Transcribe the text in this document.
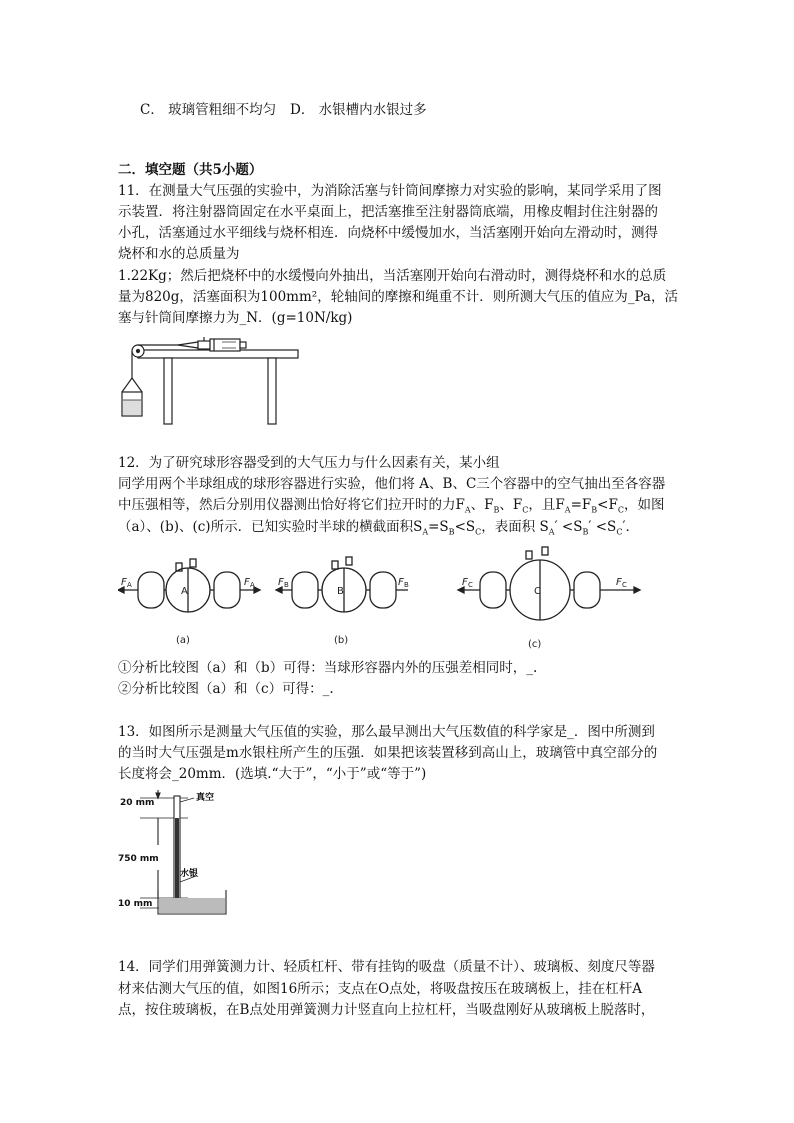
C． 玻璃管粗细不均匀 D． 水银槽内水银过多
二．填空题（共5小题）
11．在测量大气压强的实验中，为消除活塞与针筒间摩擦力对实验的影响，某同学采用了图
示装置．将注射器筒固定在水平桌面上，把活塞推至注射器筒底端，用橡皮帽封住注射器的
小孔，活塞通过水平细线与烧杯相连．向烧杯中缓慢加水，当活塞刚开始向左滑动时，测得
烧杯和水的总质量为
1.22Kg；然后把烧杯中的水缓慢向外抽出，当活塞刚开始向右滑动时，测得烧杯和水的总质
量为820g，活塞面积为100mm²，轮轴间的摩擦和绳重不计．则所测大气压的值应为_Pa，活
塞与针筒间摩擦力为_N．(g=10N/kg)
12．为了研究球形容器受到的大气压力与什么因素有关，某小组
同学用两个半球组成的球形容器进行实验，他们将 A、B、C三个容器中的空气抽出至各容器
中压强相等，然后分别用仪器测出恰好将它们拉开时的力$F_A$、$F_B$、$F_C$，且$F_A=F_B<F_C$，如图
（a）、(b)、(c)所示．已知实验时半球的横截面积$S_A=S_B<S_C$，表面积 $S_A' <S_B' <S_C'$．
A	B	C
(a)	(b)	(c)
F A	F A F B	F B	F C	F C
①分析比较图（a）和（b）可得：当球形容器内外的压强差相同时，_.
②分析比较图（a）和（c）可得：_.
13．如图所示是测量大气压值的实验，那么最早测出大气压数值的科学家是_．图中所测到
的当时大气压强是m水银柱所产生的压强．如果把该装置移到高山上，玻璃管中真空部分的
长度将会_20mm．(选填.“大于”，“小于”或“等于”)
20 mm
750 mm
10 mm
真空
水银
14．同学们用弹簧测力计、轻质杠杆、带有挂钩的吸盘（质量不计）、玻璃板、刻度尺等器
材来估测大气压的值，如图16所示；支点在O点处，将吸盘按压在玻璃板上，挂在杠杆A
点，按住玻璃板，在B点处用弹簧测力计竖直向上拉杠杆，当吸盘刚好从玻璃板上脱落时，
